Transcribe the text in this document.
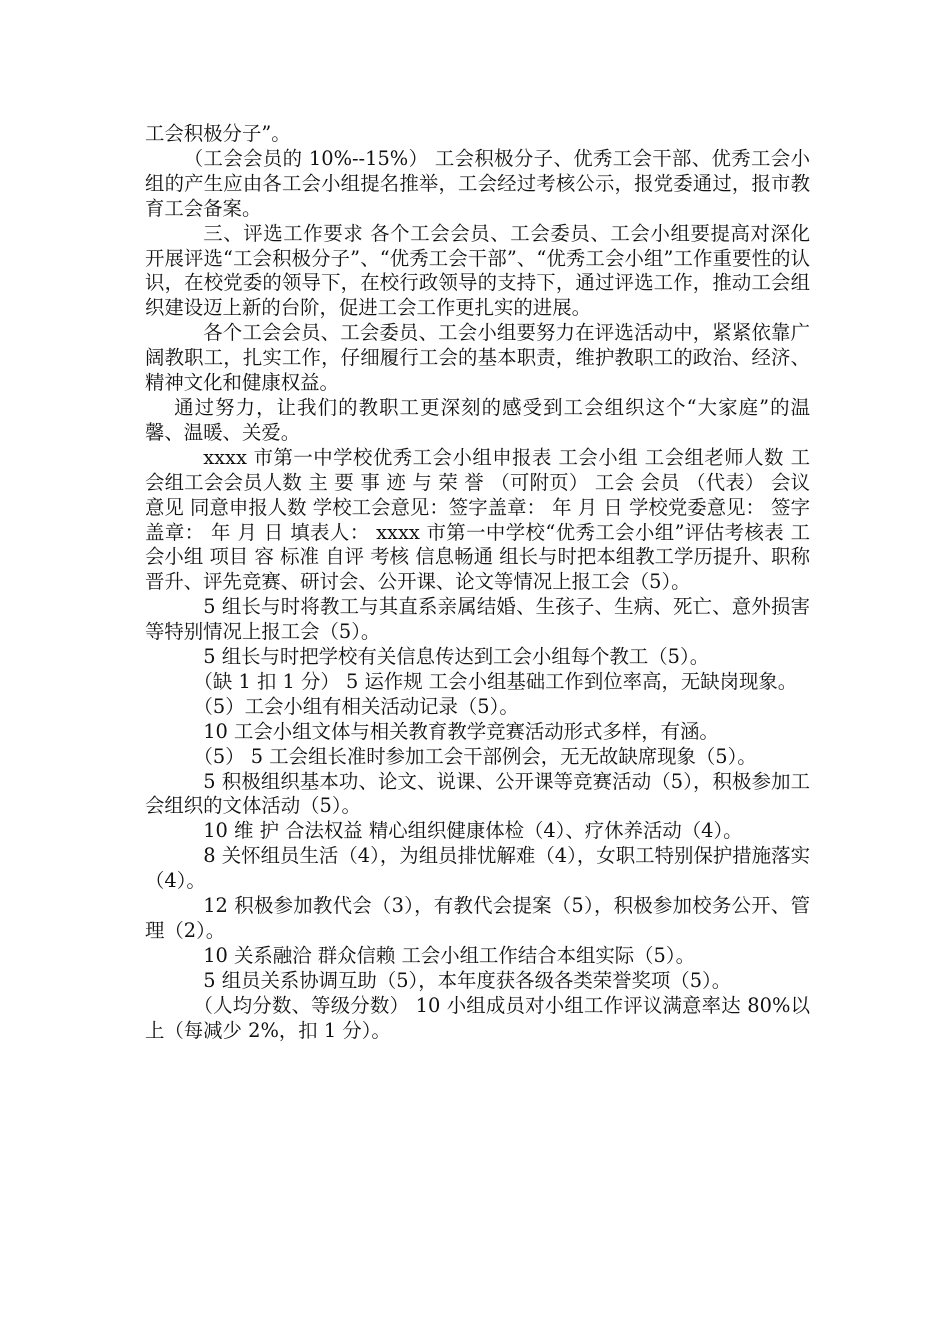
工会积极分子”。

（工会会员的 10%--15%） 工会积极分子、优秀工会干部、优秀工会小组的产生应由各工会小组提名推举，工会经过考核公示，报党委通过，报市教育工会备案。

三、评选工作要求 各个工会会员、工会委员、工会小组要提高对深化开展评选“工会积极分子”、“优秀工会干部”、“优秀工会小组”工作重要性的认识，在校党委的领导下，在校行政领导的支持下，通过评选工作，推动工会组织建设迈上新的台阶，促进工会工作更扎实的进展。

各个工会会员、工会委员、工会小组要努力在评选活动中，紧紧依靠广阔教职工，扎实工作，仔细履行工会的基本职责，维护教职工的政治、经济、精神文化和健康权益。

通过努力，让我们的教职工更深刻的感受到工会组织这个“大家庭”的温馨、温暖、关爱。

xxxx 市第一中学校优秀工会小组申报表 工会小组 工会组老师人数 工会组工会会员人数 主 要 事 迹 与 荣 誉 （可附页） 工会 会员 （代表） 会议意见 同意申报人数 学校工会意见：签字盖章： 年 月 日 学校党委意见： 签字盖章： 年 月 日 填表人： xxxx 市第一中学校“优秀工会小组”评估考核表 工会小组 项目 容 标准 自评 考核 信息畅通 组长与时把本组教工学历提升、职称晋升、评先竞赛、研讨会、公开课、论文等情况上报工会（5）。

5 组长与时将教工与其直系亲属结婚、生孩子、生病、死亡、意外损害等特别情况上报工会（5）。

5 组长与时把学校有关信息传达到工会小组每个教工（5）。

（缺 1 扣 1 分） 5 运作规 工会小组基础工作到位率高，无缺岗现象。

（5）工会小组有相关活动记录（5）。

10 工会小组文体与相关教育教学竞赛活动形式多样，有涵。

（5） 5 工会组长准时参加工会干部例会，无无故缺席现象（5）。

5 积极组织基本功、论文、说课、公开课等竞赛活动（5），积极参加工会组织的文体活动（5）。

10 维 护 合法权益 精心组织健康体检（4）、疗休养活动（4）。

8 关怀组员生活（4），为组员排忧解难（4），女职工特别保护措施落实（4）。

12 积极参加教代会（3），有教代会提案（5），积极参加校务公开、管理（2）。

10 关系融洽 群众信赖 工会小组工作结合本组实际（5）。

5 组员关系协调互助（5），本年度获各级各类荣誉奖项（5）。

（人均分数、等级分数） 10 小组成员对小组工作评议满意率达 80%以上（每减少 2%，扣 1 分）。
